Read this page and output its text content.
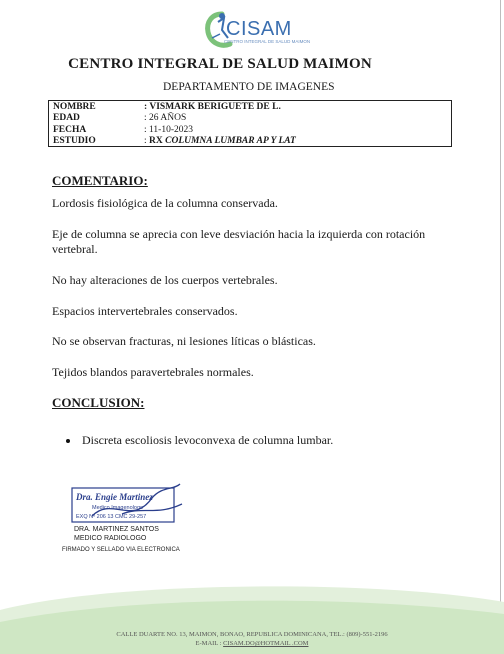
CISAM
CENTRO INTEGRAL DE SALUD MAIMON
CENTRO INTEGRAL DE SALUD MAIMON
DEPARTAMENTO DE IMAGENES
NOMBRE	: VISMARK BERIGUETE DE L.
EDAD	: 26 AÑOS
FECHA	: 11-10-2023
ESTUDIO	: RX COLUMNA LUMBAR AP Y LAT
COMENTARIO:
Lordosis fisiológica de la columna conservada.
Eje de columna se aprecia con leve desviación hacia la izquierda con rotación vertebral.
No hay alteraciones de los cuerpos vertebrales.
Espacios intervertebrales conservados.
No se observan fracturas, ni lesiones líticas o blásticas.
Tejidos blandos paravertebrales normales.
CONCLUSION:
Discreta escoliosis levoconvexa de columna lumbar.
Dra. Engie Martinez
Medico Imagenologo
EXQ Nº 206 13 CMC 29-257
DRA. MARTINEZ SANTOS
MEDICO RADIOLOGO
FIRMADO Y SELLADO VIA ELECTRONICA
CALLE DUARTE NO. 13, MAIMON, BONAO, REPUBLICA DOMINICANA, TEL.: (809)-551-2196
E-MAIL : CISAM.DO@HOTMAIL .COM
